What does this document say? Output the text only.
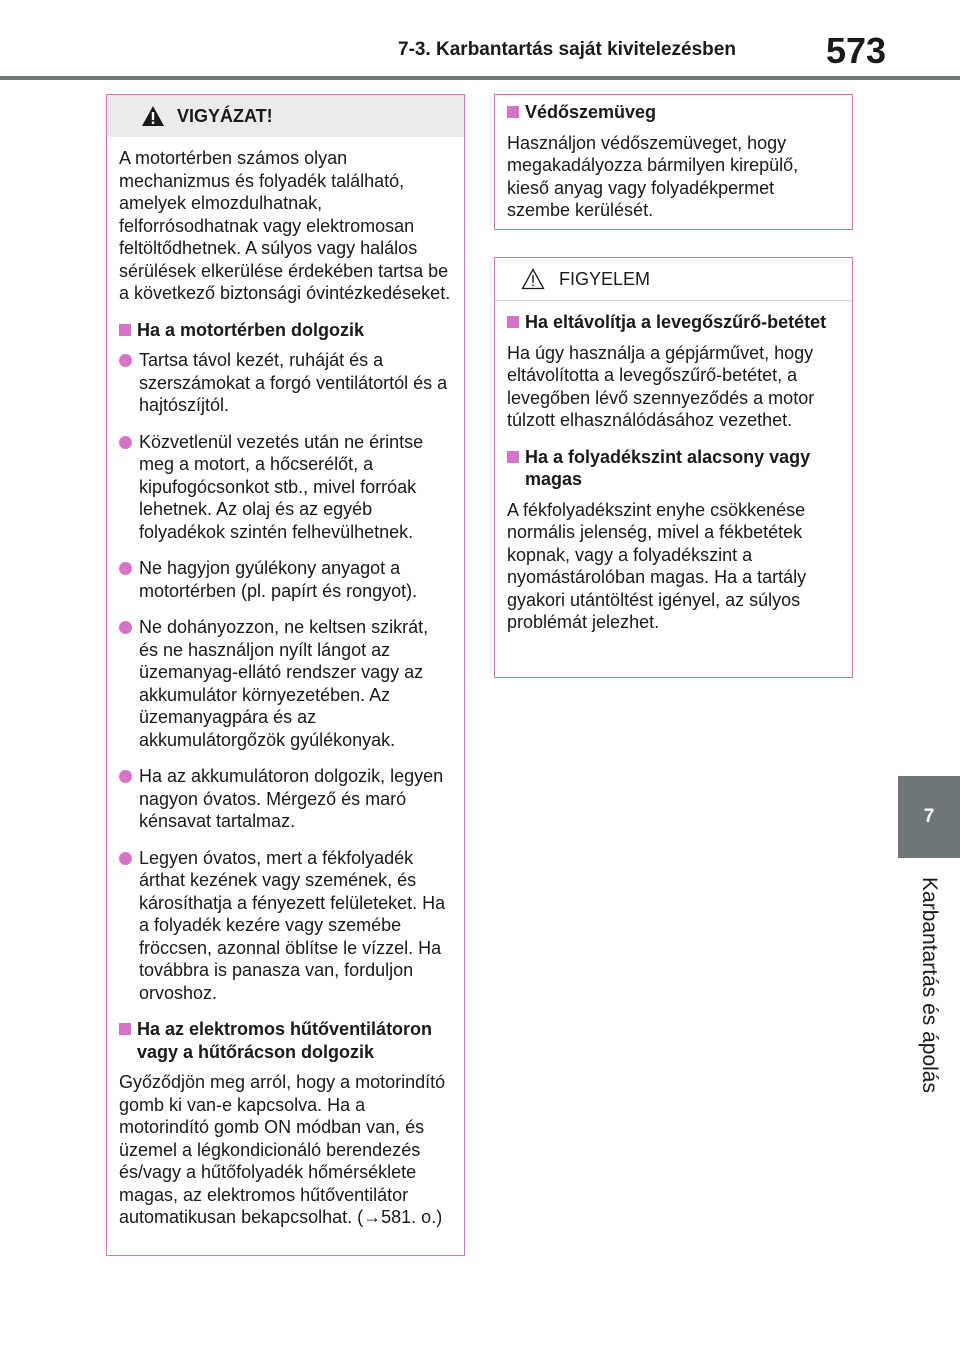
7-3. Karbantartás saját kivitelezésben	573
7
Karbantartás és ápolás
VIGYÁZAT!
A motortérben számos olyan mechanizmus és folyadék található, amelyek elmozdulhatnak, felforrósodhatnak vagy elektromosan feltöltődhetnek. A súlyos vagy halálos sérülések elkerülése érdekében tartsa be a következő biztonsági óvintézkedéseket.
Ha a motortérben dolgozik
Tartsa távol kezét, ruháját és a szerszámokat a forgó ventilátortól és a hajtószíjtól.
Közvetlenül vezetés után ne érintse meg a motort, a hőcserélőt, a kipufogócsonkot stb., mivel forróak lehetnek. Az olaj és az egyéb folyadékok szintén felhevülhetnek.
Ne hagyjon gyúlékony anyagot a motortérben (pl. papírt és rongyot).
Ne dohányozzon, ne keltsen szikrát, és ne használjon nyílt lángot az üzemanyag-ellátó rendszer vagy az akkumulátor környezetében. Az üzemanyagpára és az akkumulátorgőzök gyúlékonyak.
Ha az akkumulátoron dolgozik, legyen nagyon óvatos. Mérgező és maró kénsavat tartalmaz.
Legyen óvatos, mert a fékfolyadék árthat kezének vagy szemének, és károsíthatja a fényezett felületeket. Ha a folyadék kezére vagy szemébe fröccsen, azonnal öblítse le vízzel. Ha továbbra is panasza van, forduljon orvoshoz.
Ha az elektromos hűtőventilátoron vagy a hűtőrácson dolgozik
Győződjön meg arról, hogy a motorindító gomb ki van-e kapcsolva. Ha a motorindító gomb ON módban van, és üzemel a légkondicionáló berendezés és/vagy a hűtőfolyadék hőmérséklete magas, az elektromos hűtőventilátor automatikusan bekapcsolhat. (→581. o.)
Védőszemüveg
Használjon védőszemüveget, hogy megakadályozza bármilyen kirepülő, kieső anyag vagy folyadékpermet szembe kerülését.
FIGYELEM
Ha eltávolítja a levegőszűrő-betétet
Ha úgy használja a gépjárművet, hogy eltávolította a levegőszűrő-betétet, a levegőben lévő szennyeződés a motor túlzott elhasználódásához vezethet.
Ha a folyadékszint alacsony vagy magas
A fékfolyadékszint enyhe csökkenése normális jelenség, mivel a fékbetétek kopnak, vagy a folyadékszint a nyomástárolóban magas. Ha a tartály gyakori utántöltést igényel, az súlyos problémát jelezhet.
